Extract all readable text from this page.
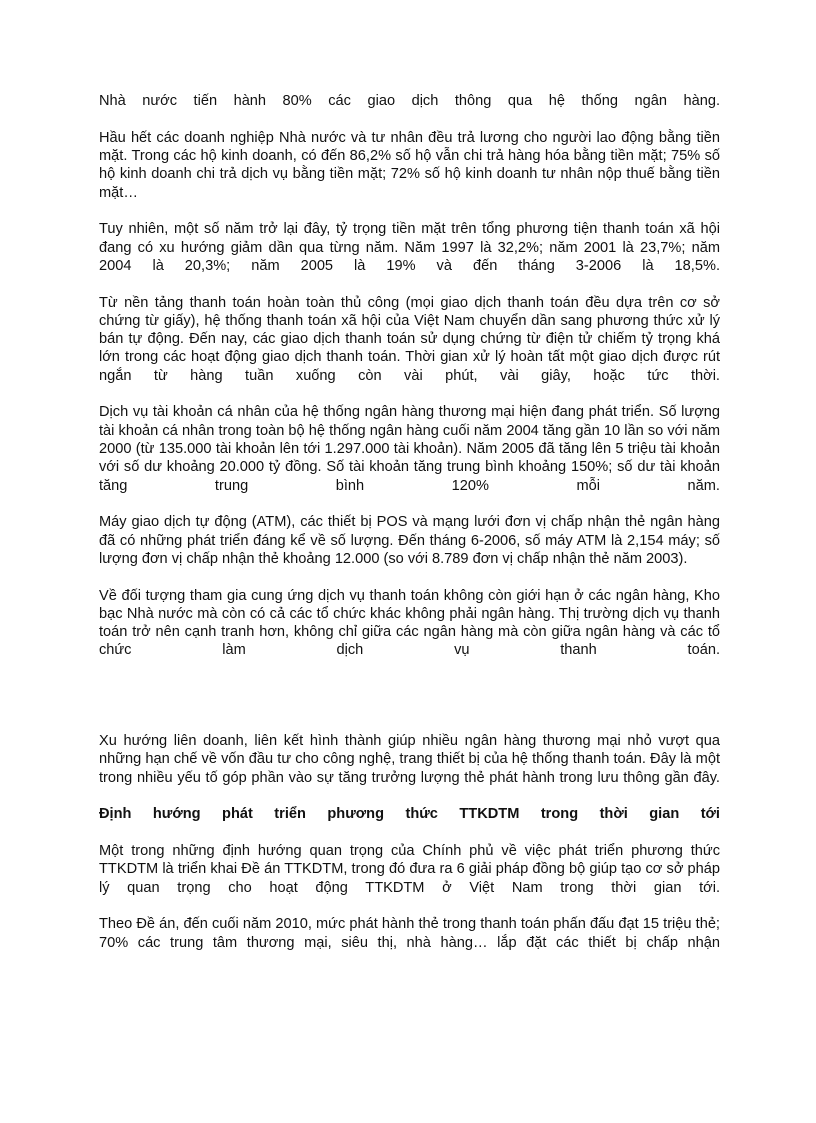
Nhà nước tiến hành 80% các giao dịch thông qua hệ thống ngân hàng.

Hầu hết các doanh nghiệp Nhà nước và tư nhân đều trả lương cho người lao động bằng tiền mặt. Trong các hộ kinh doanh, có đến 86,2% số hộ vẫn chi trả hàng hóa bằng tiền mặt; 75% số hộ kinh doanh chi trả dịch vụ bằng tiền mặt; 72% số hộ kinh doanh tư nhân nộp thuế bằng tiền mặt…

Tuy nhiên, một số năm trở lại đây, tỷ trọng tiền mặt trên tổng phương tiện thanh toán xã hội đang có xu hướng giảm dần qua từng năm. Năm 1997 là 32,2%; năm 2001 là 23,7%; năm 2004 là 20,3%; năm 2005 là 19% và đến tháng 3-2006 là 18,5%.

Từ nền tảng thanh toán hoàn toàn thủ công (mọi giao dịch thanh toán đều dựa trên cơ sở chứng từ giấy), hệ thống thanh toán xã hội của Việt Nam chuyển dần sang phương thức xử lý bán tự động. Đến nay, các giao dịch thanh toán sử dụng chứng từ điện tử chiếm tỷ trọng khá lớn trong các hoạt động giao dịch thanh toán. Thời gian xử lý hoàn tất một giao dịch được rút ngắn từ hàng tuần xuống còn vài phút, vài giây, hoặc tức thời.

Dịch vụ tài khoản cá nhân của hệ thống ngân hàng thương mại hiện đang phát triển. Số lượng tài khoản cá nhân trong toàn bộ hệ thống ngân hàng cuối năm 2004 tăng gần 10 lần so với năm 2000 (từ 135.000 tài khoản lên tới 1.297.000 tài khoản). Năm 2005 đã tăng lên 5 triệu tài khoản với số dư khoảng 20.000 tỷ đồng. Số tài khoản tăng trung bình khoảng 150%; số dư tài khoản tăng trung bình 120% mỗi năm.

Máy giao dịch tự động (ATM), các thiết bị POS và mạng lưới đơn vị chấp nhận thẻ ngân hàng đã có những phát triển đáng kể về số lượng. Đến tháng 6-2006, số máy ATM là 2,154 máy; số lượng đơn vị chấp nhận thẻ khoảng 12.000 (so với 8.789 đơn vị chấp nhận thẻ năm 2003).

Về đối tượng tham gia cung ứng dịch vụ thanh toán không còn giới hạn ở các ngân hàng, Kho bạc Nhà nước mà còn có cả các tổ chức khác không phải ngân hàng. Thị trường dịch vụ thanh toán trở nên cạnh tranh hơn, không chỉ giữa các ngân hàng mà còn giữa ngân hàng và các tổ chức làm dịch vụ thanh toán.

Xu hướng liên doanh, liên kết hình thành giúp nhiều ngân hàng thương mại nhỏ vượt qua những hạn chế về vốn đầu tư cho công nghệ, trang thiết bị của hệ thống thanh toán. Đây là một trong nhiều yếu tố góp phần vào sự tăng trưởng lượng thẻ phát hành trong lưu thông gần đây.

Định hướng phát triển phương thức TTKDTM trong thời gian tới

Một trong những định hướng quan trọng của Chính phủ về việc phát triển phương thức TTKDTM là triển khai Đề án TTKDTM, trong đó đưa ra 6 giải pháp đồng bộ giúp tạo cơ sở pháp lý quan trọng cho hoạt động TTKDTM ở Việt Nam trong thời gian tới.

Theo Đề án, đến cuối năm 2010, mức phát hành thẻ trong thanh toán phấn đấu đạt 15 triệu thẻ; 70% các trung tâm thương mại, siêu thị, nhà hàng… lắp đặt các thiết bị chấp nhận
